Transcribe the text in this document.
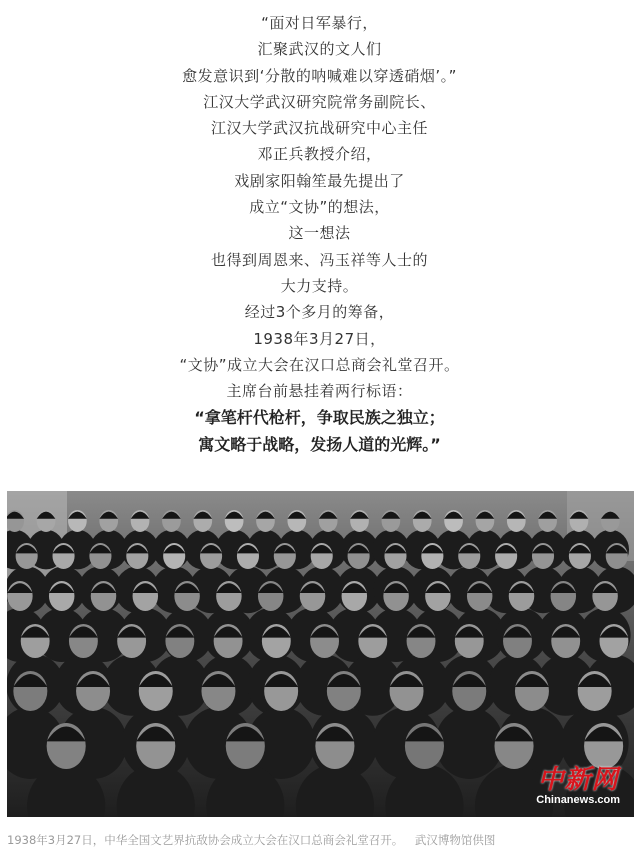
“面对日军暴行，
汇聚武汉的文人们
愈发意识到‘分散的呐喊难以穿透硝烟’。”
江汉大学武汉研究院常务副院长、
江汉大学武汉抗战研究中心主任
邓正兵教授介绍，
戏剧家阳翰笙最先提出了
成立“文协”的想法，
这一想法
也得到周恩来、冯玉祥等人士的
大力支持。
经过3个多月的筹备，
1938年3月27日，
“文协”成立大会在汉口总商会礼堂召开。
主席台前悬挂着两行标语：
“拿笔杆代枪杆，争取民族之独立；
寓文略于战略，发扬人道的光辉。”
中新网
Chinanews.com
1938年3月27日，中华全国文艺界抗敌协会成立大会在汉口总商会礼堂召开。 武汉博物馆供图
